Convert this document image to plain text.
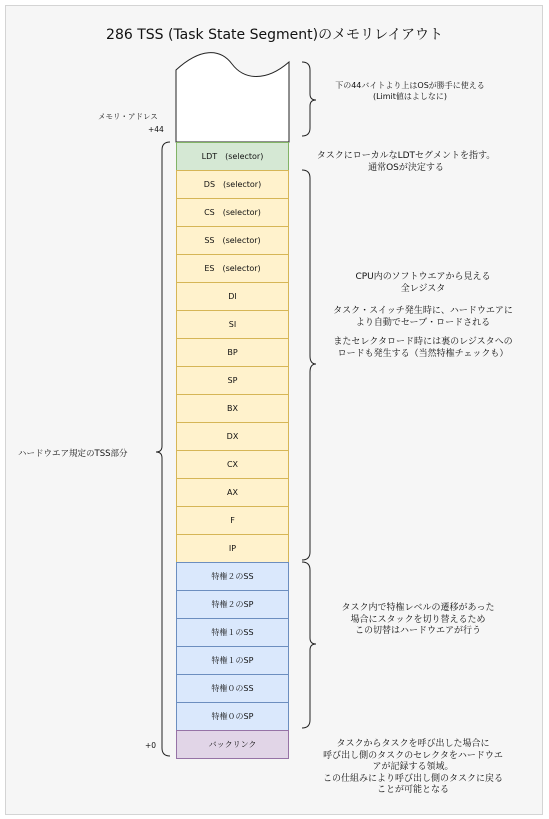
286 TSS (Task State Segment)のメモリレイアウト
LDT　(selector)
DS　(selector)
CS　(selector)
SS　(selector)
ES　(selector)
DI
SI
BP
SP
BX
DX
CX
AX
F
IP
特権２のSS
特権２のSP
特権１のSS
特権１のSP
特権０のSS
特権０のSP
バックリンク
メモリ・アドレス
+44
+0
ハードウエア規定のTSS部分
下の44バイトより上はOSが勝手に使える
(Limit値はよしなに)
タスクにローカルなLDTセグメントを指す。
通常OSが決定する
CPU内のソフトウエアから見える
全レジスタ
タスク・スイッチ発生時に、ハードウエアに
より自動でセーブ・ロードされる
またセレクタロード時には裏のレジスタへの
ロードも発生する（当然特権チェックも）
タスク内で特権レベルの遷移があった
場合にスタックを切り替えるため
この切替はハードウエアが行う
タスクからタスクを呼び出した場合に
呼び出し側のタスクのセレクタをハードウエ
アが記録する領域。
この仕組みにより呼び出し側のタスクに戻る
ことが可能となる
